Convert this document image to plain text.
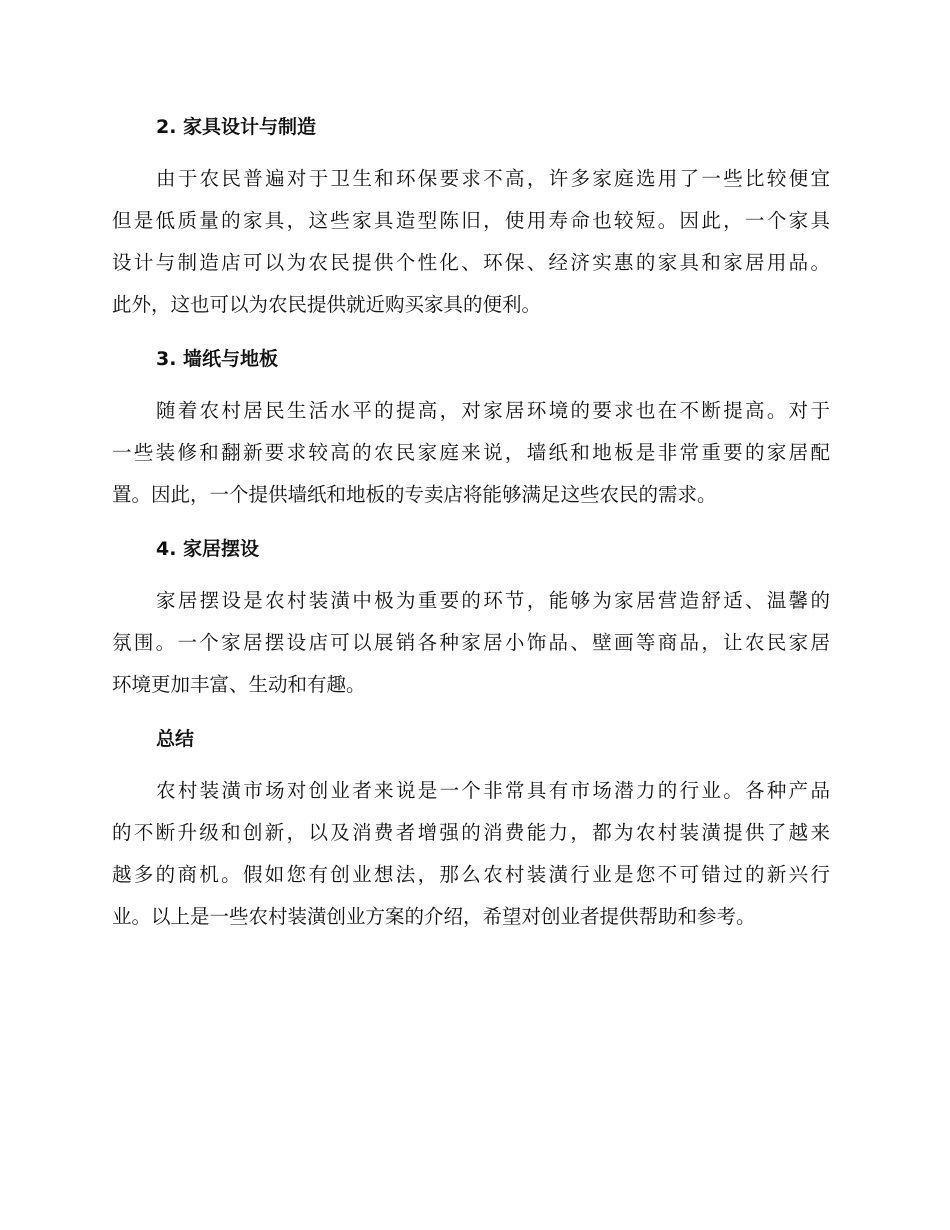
2. 家具设计与制造

由于农民普遍对于卫生和环保要求不高，许多家庭选用了一些比较便宜
但是低质量的家具，这些家具造型陈旧，使用寿命也较短。因此，一个家具
设计与制造店可以为农民提供个性化、环保、经济实惠的家具和家居用品。
此外，这也可以为农民提供就近购买家具的便利。

3. 墙纸与地板

随着农村居民生活水平的提高，对家居环境的要求也在不断提高。对于
一些装修和翻新要求较高的农民家庭来说，墙纸和地板是非常重要的家居配
置。因此，一个提供墙纸和地板的专卖店将能够满足这些农民的需求。

4. 家居摆设

家居摆设是农村装潢中极为重要的环节，能够为家居营造舒适、温馨的
氛围。一个家居摆设店可以展销各种家居小饰品、壁画等商品，让农民家居
环境更加丰富、生动和有趣。

总结

农村装潢市场对创业者来说是一个非常具有市场潜力的行业。各种产品
的不断升级和创新，以及消费者增强的消费能力，都为农村装潢提供了越来
越多的商机。假如您有创业想法，那么农村装潢行业是您不可错过的新兴行
业。以上是一些农村装潢创业方案的介绍，希望对创业者提供帮助和参考。
